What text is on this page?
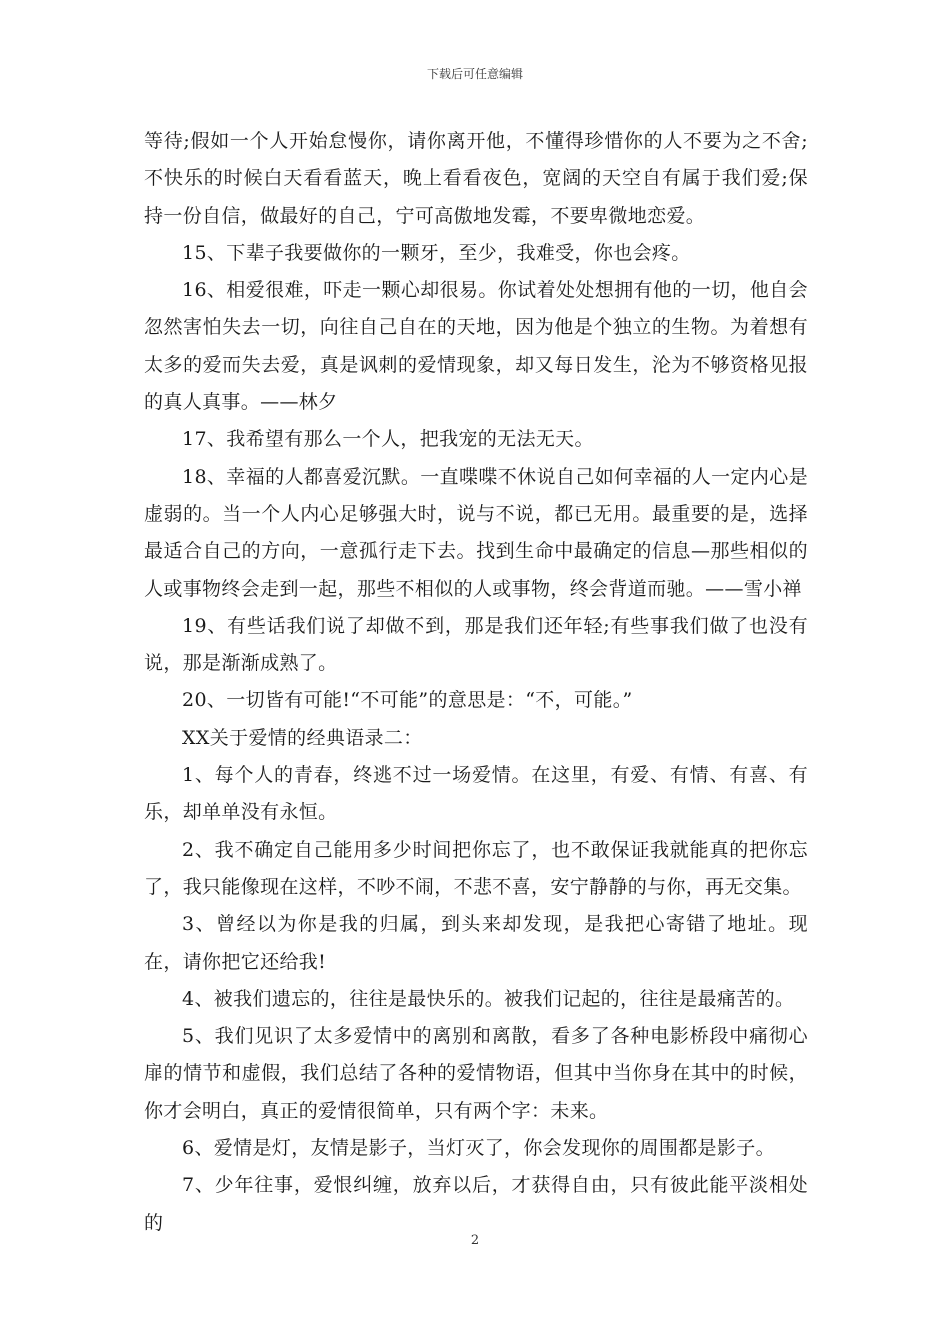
下载后可任意编辑

等待;假如一个人开始怠慢你，请你离开他，不懂得珍惜你的人不要为之不舍;不快乐的时候白天看看蓝天，晚上看看夜色，宽阔的天空自有属于我们爱;保持一份自信，做最好的自己，宁可高傲地发霉，不要卑微地恋爱。

15、下辈子我要做你的一颗牙，至少，我难受，你也会疼。

16、相爱很难，吓走一颗心却很易。你试着处处想拥有他的一切，他自会忽然害怕失去一切，向往自己自在的天地，因为他是个独立的生物。为着想有太多的爱而失去爱，真是讽刺的爱情现象，却又每日发生，沦为不够资格见报的真人真事。——林夕

17、我希望有那么一个人，把我宠的无法无天。

18、幸福的人都喜爱沉默。一直喋喋不休说自己如何幸福的人一定内心是虚弱的。当一个人内心足够强大时，说与不说，都已无用。最重要的是，选择最适合自己的方向，一意孤行走下去。找到生命中最确定的信息—那些相似的人或事物终会走到一起，那些不相似的人或事物，终会背道而驰。——雪小禅

19、有些话我们说了却做不到，那是我们还年轻;有些事我们做了也没有说，那是渐渐成熟了。

20、一切皆有可能!“不可能”的意思是：“不，可能。”

XX关于爱情的经典语录二：

1、每个人的青春，终逃不过一场爱情。在这里，有爱、有情、有喜、有乐，却单单没有永恒。

2、我不确定自己能用多少时间把你忘了，也不敢保证我就能真的把你忘了，我只能像现在这样，不吵不闹，不悲不喜，安宁静静的与你，再无交集。

3、曾经以为你是我的归属，到头来却发现，是我把心寄错了地址。现在，请你把它还给我!

4、被我们遗忘的，往往是最快乐的。被我们记起的，往往是最痛苦的。

5、我们见识了太多爱情中的离别和离散，看多了各种电影桥段中痛彻心扉的情节和虚假，我们总结了各种的爱情物语，但其中当你身在其中的时候，你才会明白，真正的爱情很简单，只有两个字：未来。

6、爱情是灯，友情是影子，当灯灭了，你会发现你的周围都是影子。

7、少年往事，爱恨纠缠，放弃以后，才获得自由，只有彼此能平淡相处的

2
